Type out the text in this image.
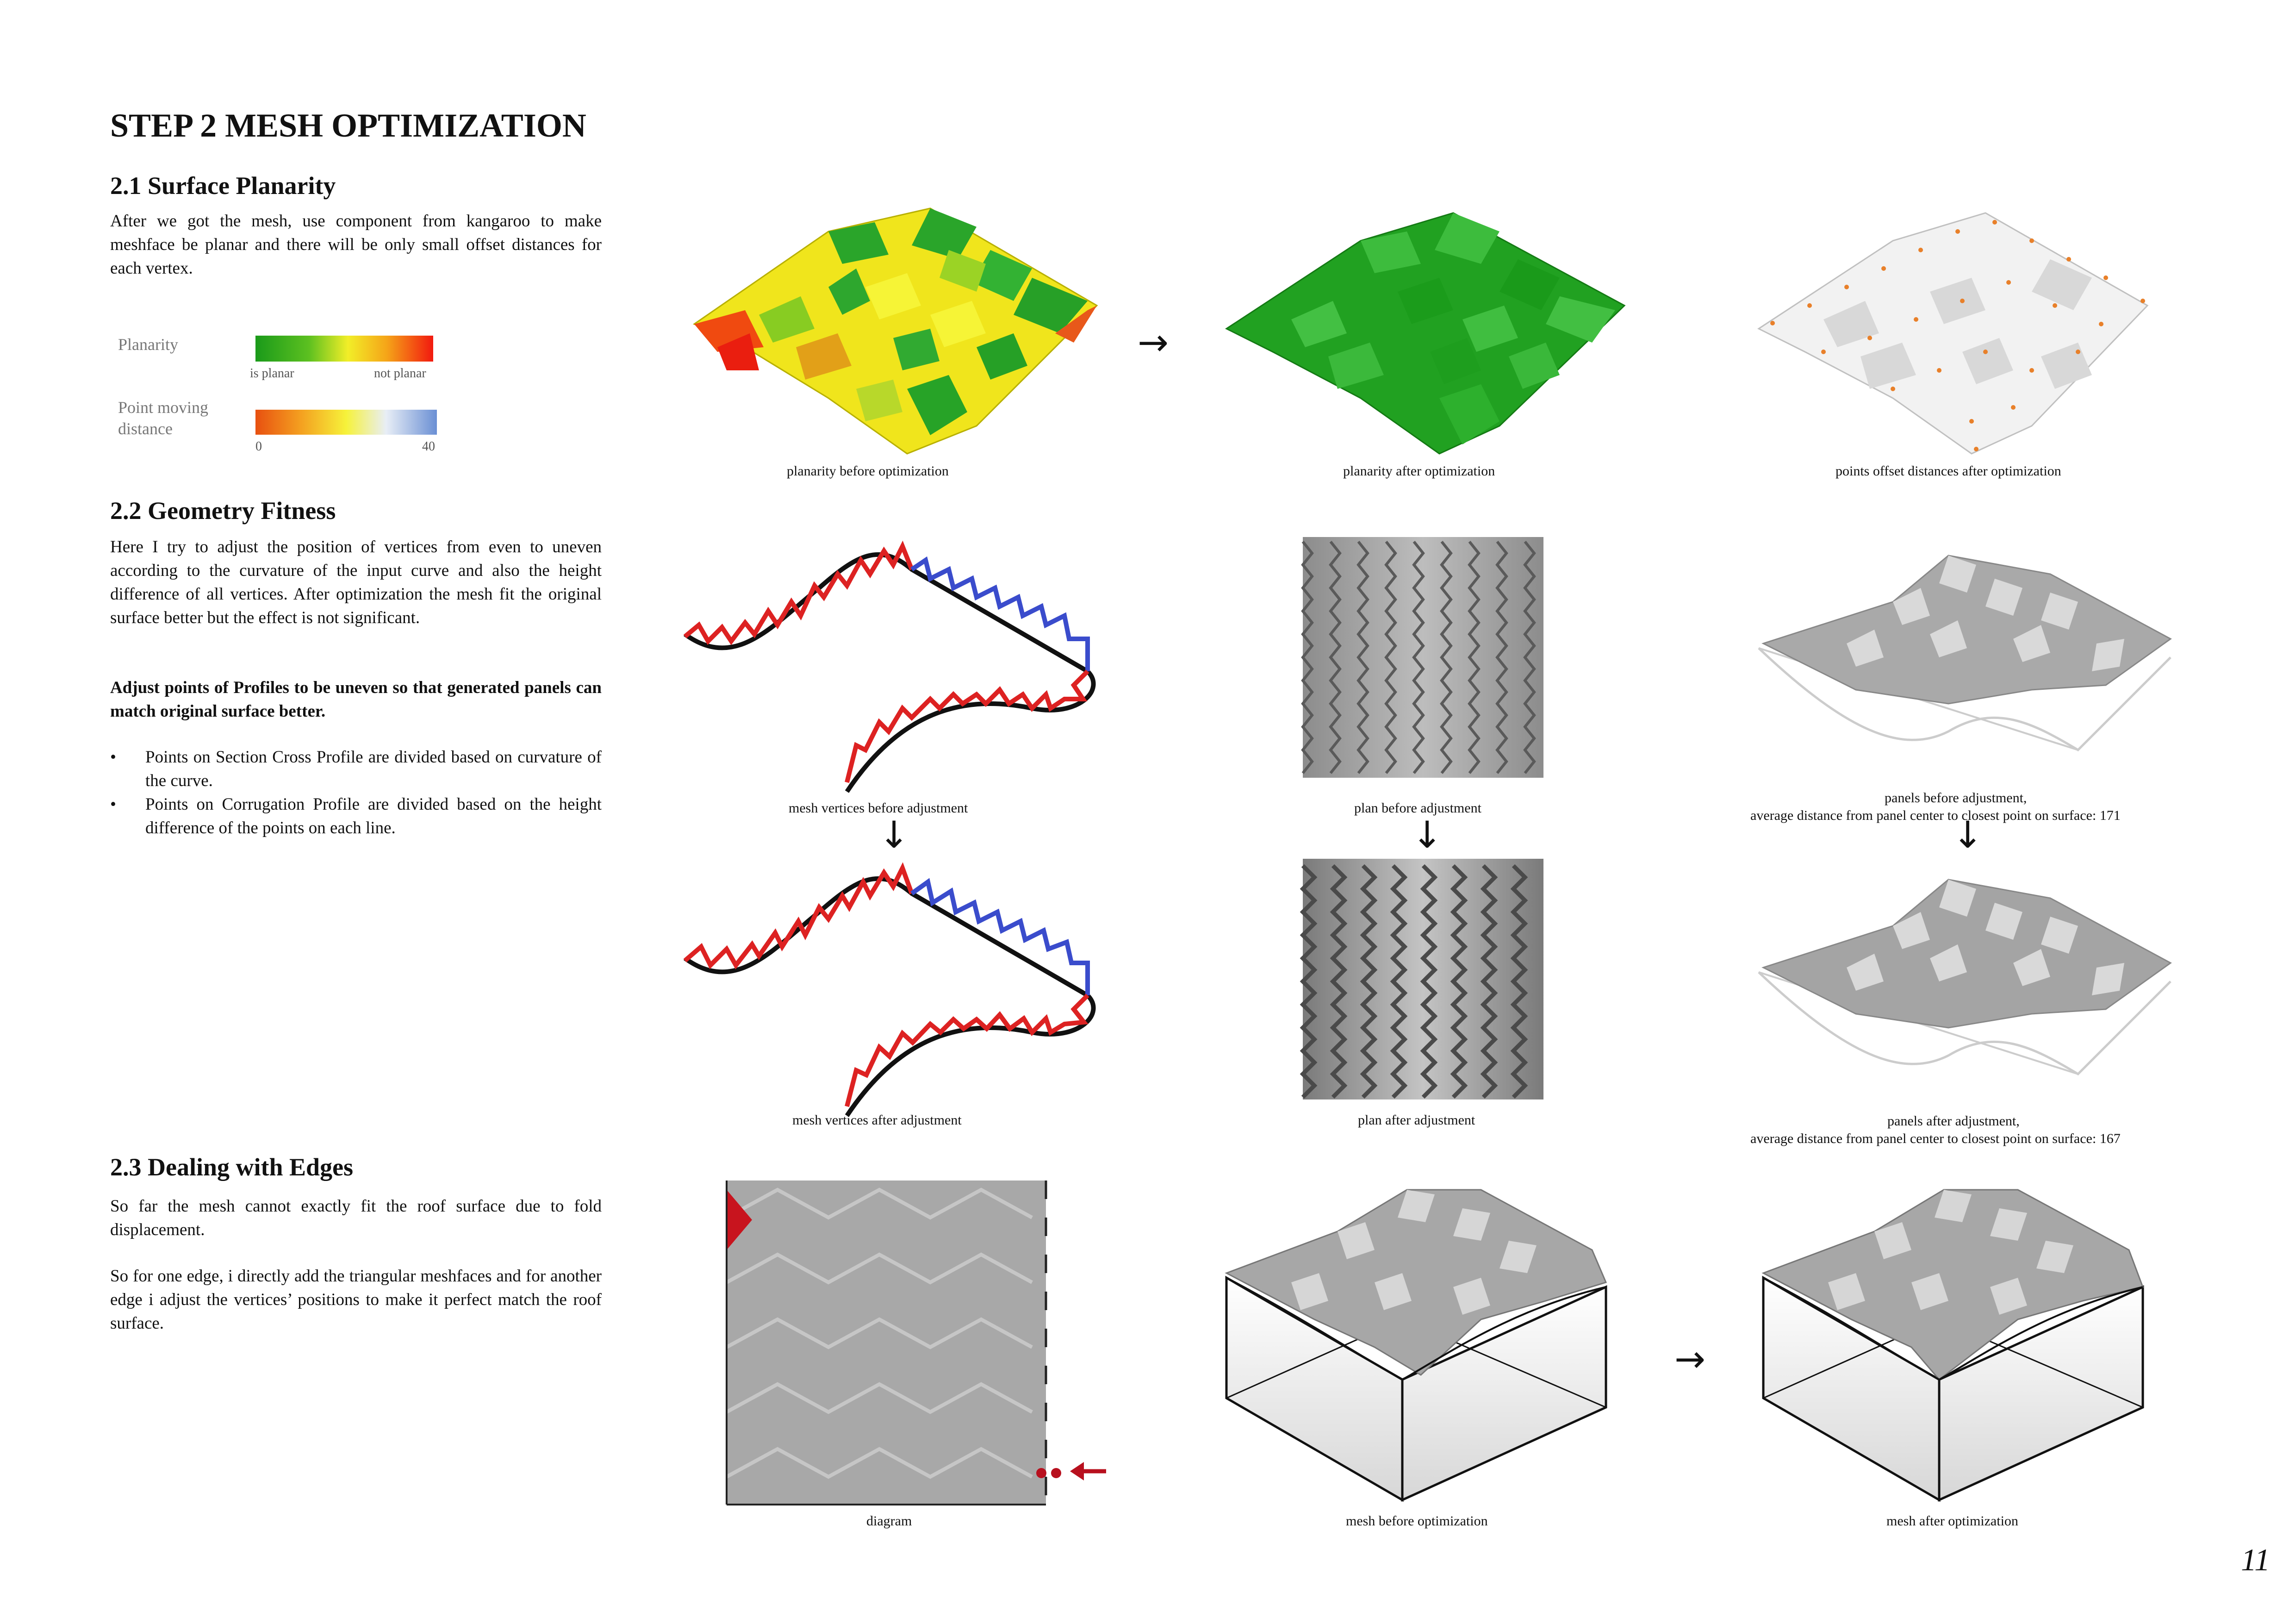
STEP 2 MESH OPTIMIZATION
2.1 Surface Planarity
After we got the mesh, use component from kangaroo to make meshface be planar and there will be only small offset distances for each vertex.
Planarity
is planar	not planar
Point moving
distance
0	40
2.2 Geometry Fitness
Here I try to adjust the position of vertices from even to uneven according to the curvature of the input curve and also the height difference of all vertices. After optimization the mesh fit the original surface better but the effect is not significant.
Adjust points of Profiles to be uneven so that generated panels can match original surface better.
• Points on Section Cross Profile are divided based on curvature of the curve.
• Points on Corrugation Profile are divided based on the height difference of the points on each line.
2.3 Dealing with Edges
So far the mesh cannot exactly fit the roof surface due to fold displacement.
So for one edge, i directly add the triangular meshfaces and for another edge i adjust the vertices’ positions to make it perfect match the roof surface.
→
planarity before optimization	planarity after optimization	points offset distances after optimization
mesh vertices before adjustment	plan before adjustment
panels before adjustment,
average distance from panel center to closest point on surface: 171
↓	↓	↓
mesh vertices after adjustment	plan after adjustment	panels after adjustment,
average distance from panel center to closest point on surface: 167
→
diagram	mesh before optimization	mesh after optimization
11
